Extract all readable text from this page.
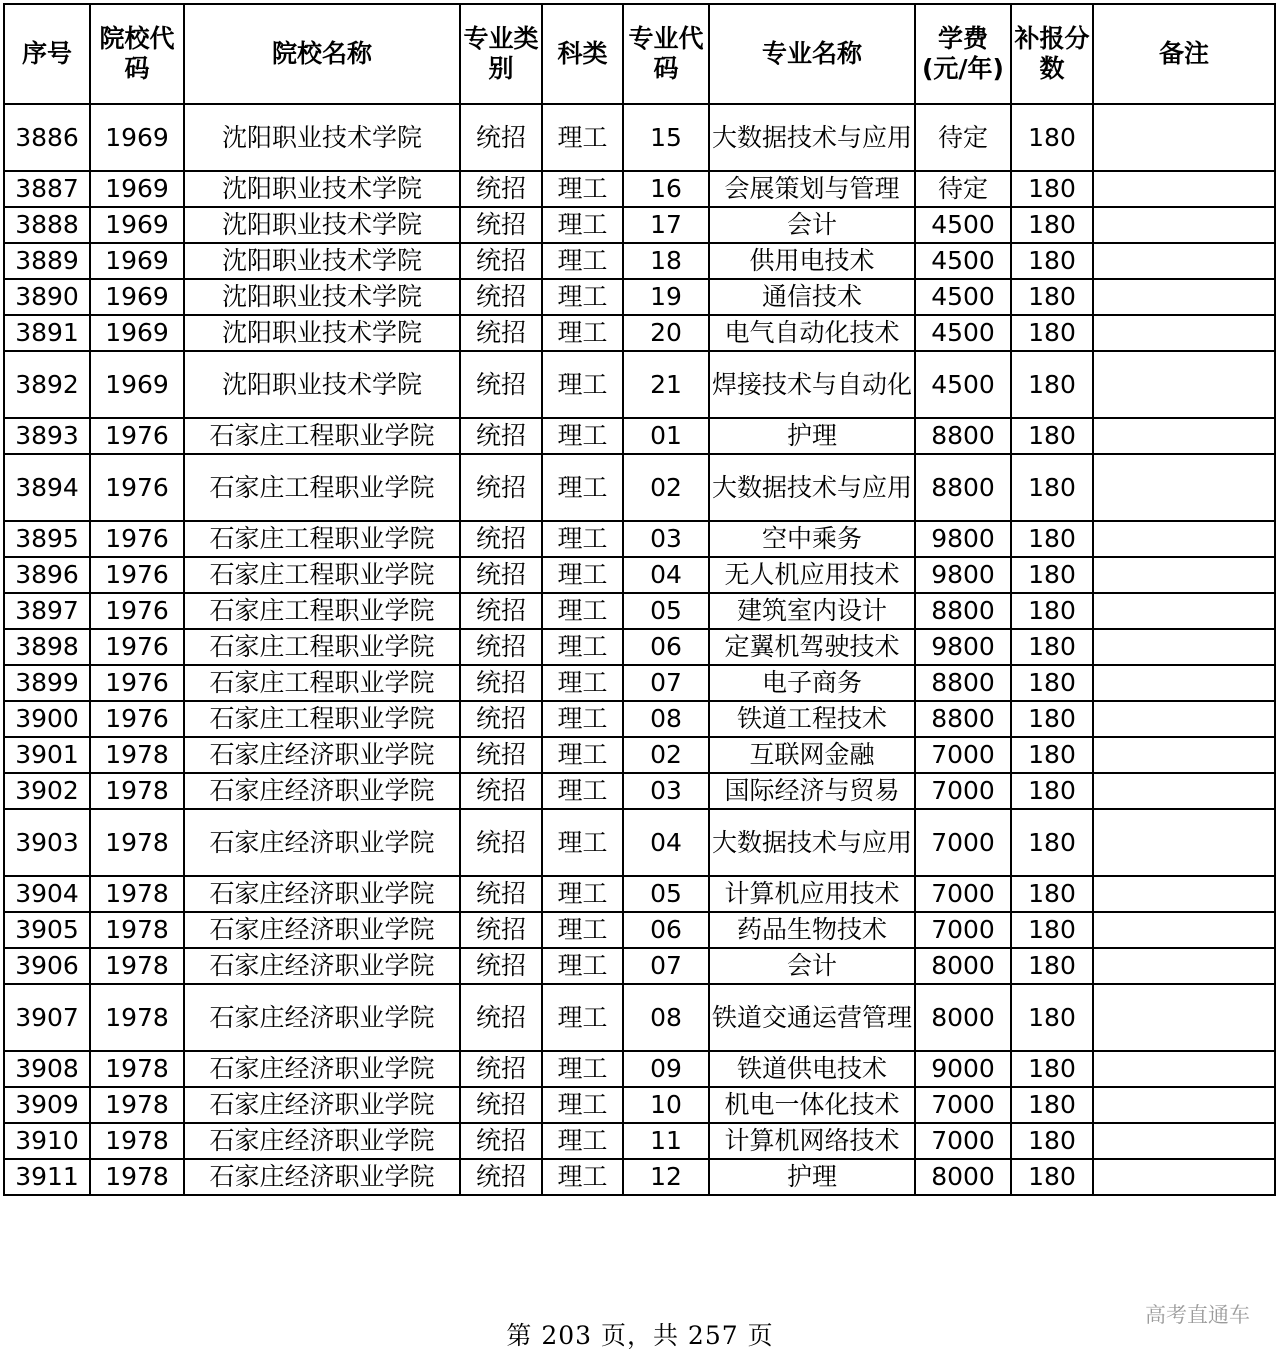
序号	院校代码	院校名称	专业类别	科类	专业代码	专业名称	学费(元/年)	补报分数	备注
3886	1969	沈阳职业技术学院	统招	理工	15	大数据技术与应用	待定	180	
3887	1969	沈阳职业技术学院	统招	理工	16	会展策划与管理	待定	180	
3888	1969	沈阳职业技术学院	统招	理工	17	会计	4500	180	
3889	1969	沈阳职业技术学院	统招	理工	18	供用电技术	4500	180	
3890	1969	沈阳职业技术学院	统招	理工	19	通信技术	4500	180	
3891	1969	沈阳职业技术学院	统招	理工	20	电气自动化技术	4500	180	
3892	1969	沈阳职业技术学院	统招	理工	21	焊接技术与自动化	4500	180	
3893	1976	石家庄工程职业学院	统招	理工	01	护理	8800	180	
3894	1976	石家庄工程职业学院	统招	理工	02	大数据技术与应用	8800	180	
3895	1976	石家庄工程职业学院	统招	理工	03	空中乘务	9800	180	
3896	1976	石家庄工程职业学院	统招	理工	04	无人机应用技术	9800	180	
3897	1976	石家庄工程职业学院	统招	理工	05	建筑室内设计	8800	180	
3898	1976	石家庄工程职业学院	统招	理工	06	定翼机驾驶技术	9800	180	
3899	1976	石家庄工程职业学院	统招	理工	07	电子商务	8800	180	
3900	1976	石家庄工程职业学院	统招	理工	08	铁道工程技术	8800	180	
3901	1978	石家庄经济职业学院	统招	理工	02	互联网金融	7000	180	
3902	1978	石家庄经济职业学院	统招	理工	03	国际经济与贸易	7000	180	
3903	1978	石家庄经济职业学院	统招	理工	04	大数据技术与应用	7000	180	
3904	1978	石家庄经济职业学院	统招	理工	05	计算机应用技术	7000	180	
3905	1978	石家庄经济职业学院	统招	理工	06	药品生物技术	7000	180	
3906	1978	石家庄经济职业学院	统招	理工	07	会计	8000	180	
3907	1978	石家庄经济职业学院	统招	理工	08	铁道交通运营管理	8000	180	
3908	1978	石家庄经济职业学院	统招	理工	09	铁道供电技术	9000	180	
3909	1978	石家庄经济职业学院	统招	理工	10	机电一体化技术	7000	180	
3910	1978	石家庄经济职业学院	统招	理工	11	计算机网络技术	7000	180	
3911	1978	石家庄经济职业学院	统招	理工	12	护理	8000	180	
第 203 页，共 257 页
高考直通车
